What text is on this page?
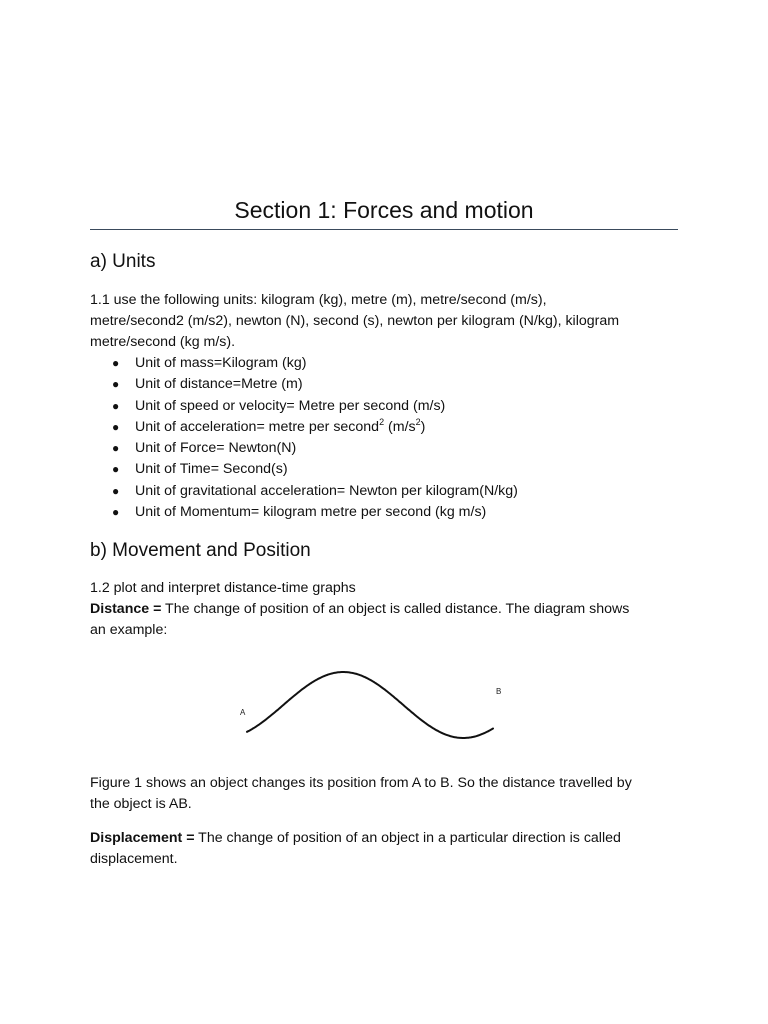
Section 1: Forces and motion
a) Units
1.1 use the following units: kilogram (kg), metre (m), metre/second (m/s),
metre/second2 (m/s2), newton (N), second (s), newton per kilogram (N/kg), kilogram
metre/second (kg m/s).
● Unit of mass=Kilogram (kg)
● Unit of distance=Metre (m)
● Unit of speed or velocity= Metre per second (m/s)
● Unit of acceleration= metre per second$^2$ $(m/s^2)$
● Unit of Force= Newton(N)
● Unit of Time= Second(s)
● Unit of gravitational acceleration= Newton per kilogram(N/kg)
● Unit of Momentum= kilogram metre per second (kg m/s)
b) Movement and Position
1.2 plot and interpret distance-time graphs
Distance = The change of position of an object is called distance. The diagram shows
an example:
A
B
Figure 1 shows an object changes its position from A to B. So the distance travelled by
the object is AB.
Displacement = The change of position of an object in a particular direction is called
displacement.
